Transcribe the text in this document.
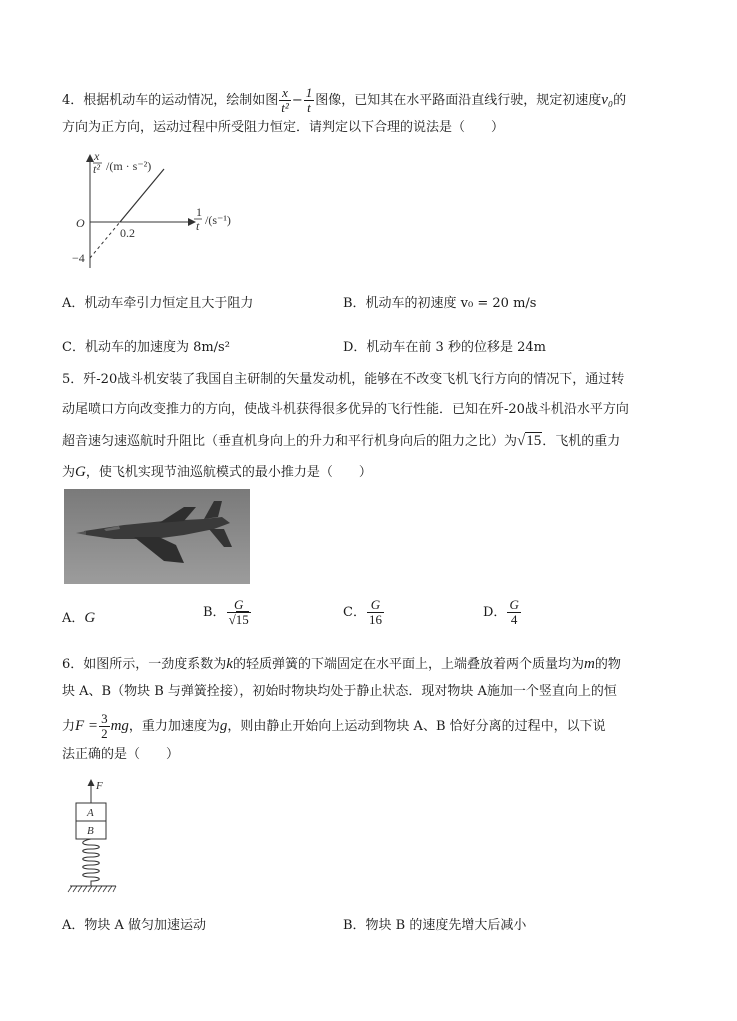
4．根据机动车的运动情况，绘制如图 $\frac{x}{\text{t²}} - \frac{1}{t}$ 图像，已知其在水平路面沿直线行驶，规定初速度v₀的
方向为正方向，运动过程中所受阻力恒定．请判定以下合理的说法是（　　）
x
t² /(m · s⁻²)
O
0.2
−4
1
t /(s⁻¹)
A．机动车牵引力恒定且大于阻力	B．机动车的初速度 v₀ = 20 m/s
C．机动车的加速度为 8m/s²	D．机动车在前 3 秒的位移是 24m
5．歼-20战斗机安装了我国自主研制的矢量发动机，能够在不改变飞机飞行方向的情况下，通过转
动尾喷口方向改变推力的方向，使战斗机获得很多优异的飞行性能．已知在歼-20战斗机沿水平方向
超音速匀速巡航时升阻比（垂直机身向上的升力和平行机身向后的阻力之比）为√15．飞机的重力
为G，使飞机实现节油巡航模式的最小推力是（　　）
A．G	B． $\frac{G}{√15}$	C． $\frac{G}{16}$	D． $\frac{G}{4}$
6．如图所示，一劲度系数为k的轻质弹簧的下端固定在水平面上，上端叠放着两个质量均为m的物
块 A、B（物块 B 与弹簧拴接），初始时物块均处于静止状态．现对物块 A施加一个竖直向上的恒
力$F = \frac{3}{2}$ mg，重力加速度为g，则由静止开始向上运动到物块 A、B 恰好分离的过程中，以下说
法正确的是（　　）
F
A
B
A．物块 A 做匀加速运动	B．物块 B 的速度先增大后减小
